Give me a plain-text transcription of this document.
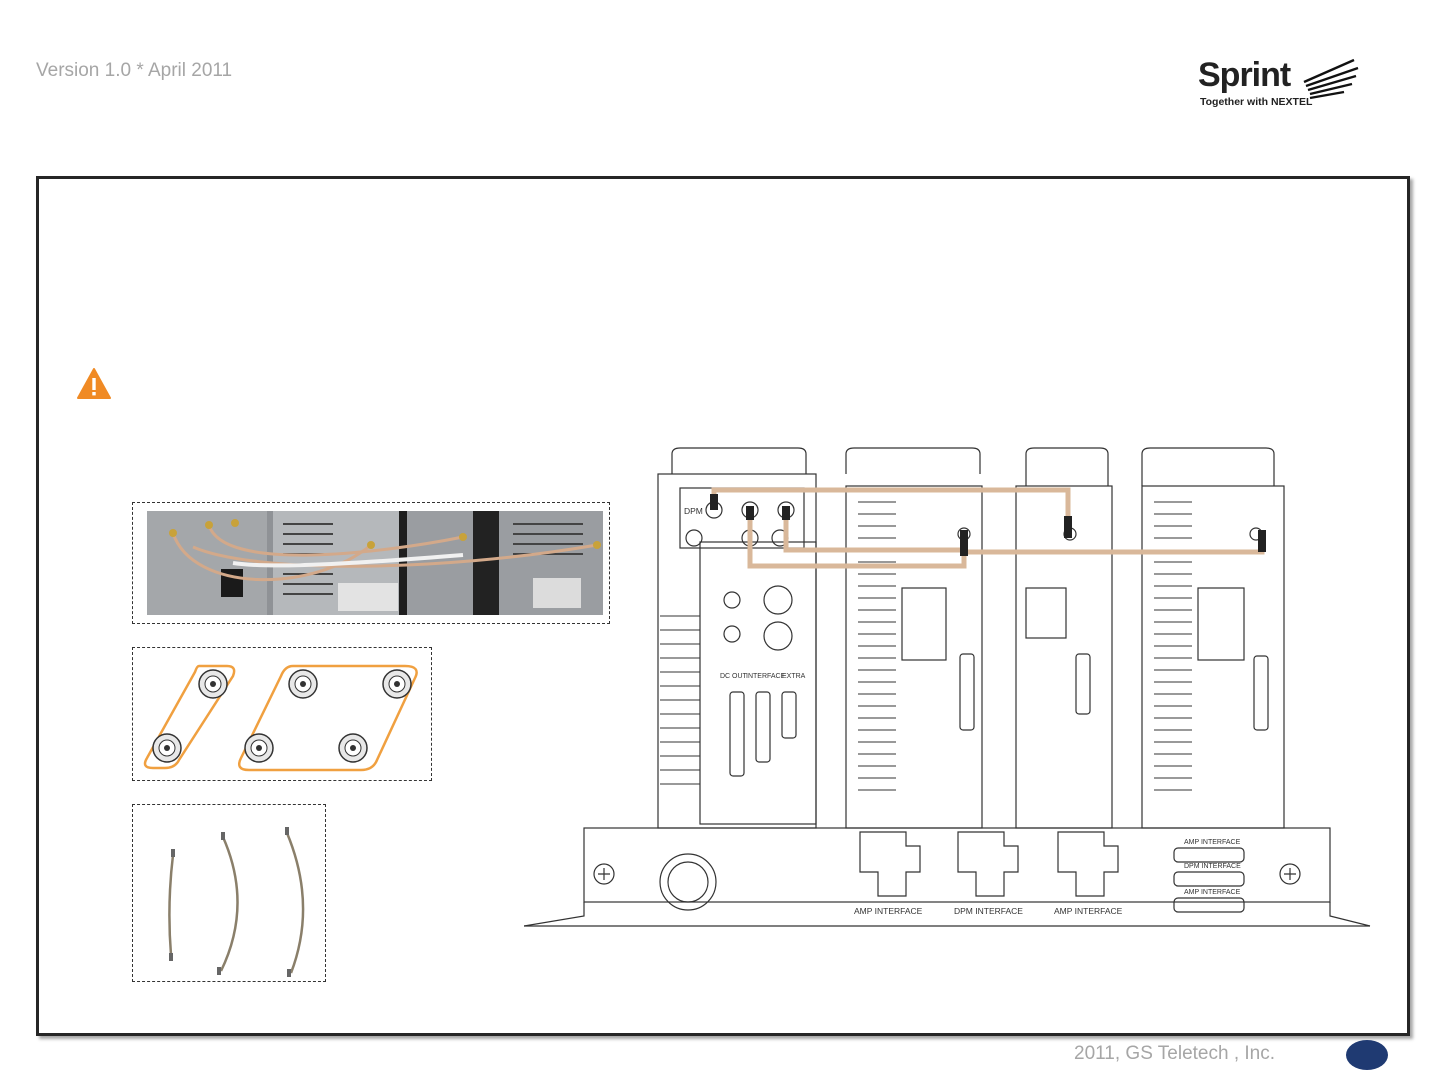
Version 1.0 * April 2011	Sprint
Together with NEXTEL
DPM
DC OUT INTERFACE
EXTRA
AMP INTERFACE	DPM INTERFACE	AMP INTERFACE
AMP INTERFACE
DPM INTERFACE
AMP INTERFACE
2011, GS Teletech , Inc.
